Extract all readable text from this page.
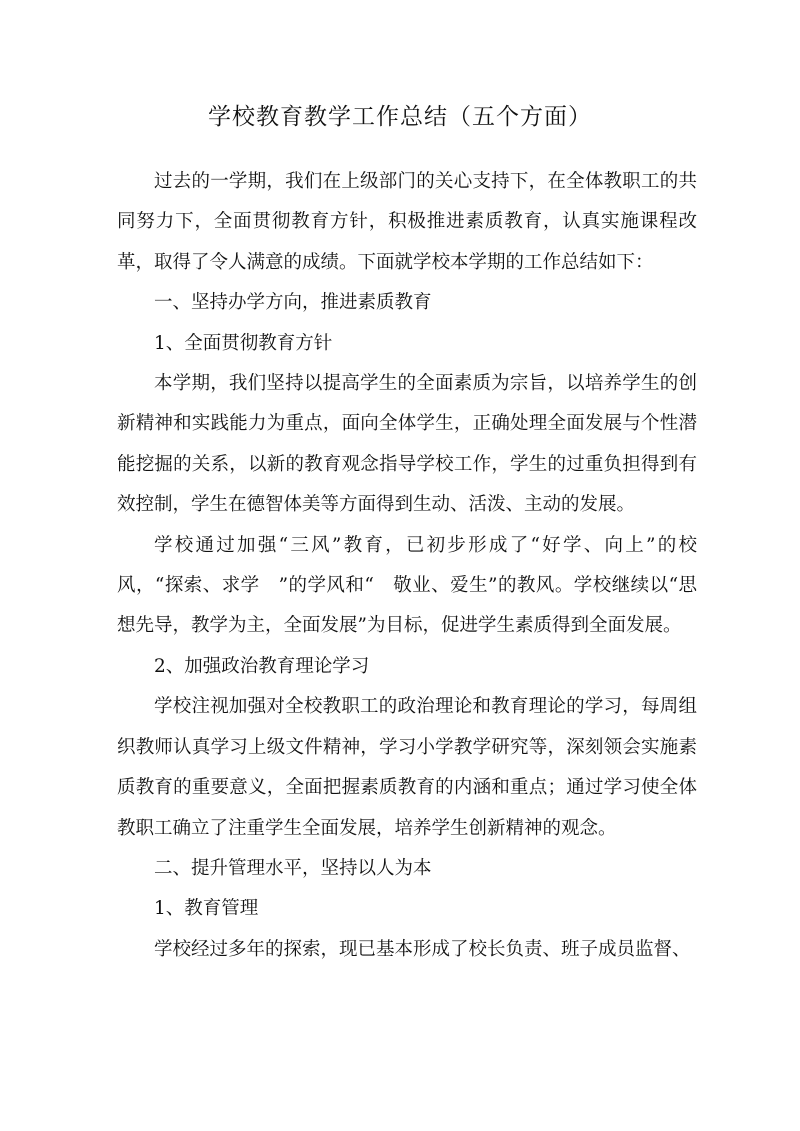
学校教育教学工作总结（五个方面）

过去的一学期，我们在上级部门的关心支持下，在全体教职工的共同努力下，全面贯彻教育方针，积极推进素质教育，认真实施课程改革，取得了令人满意的成绩。下面就学校本学期的工作总结如下：

一、坚持办学方向，推进素质教育

1、全面贯彻教育方针

本学期，我们坚持以提高学生的全面素质为宗旨，以培养学生的创新精神和实践能力为重点，面向全体学生，正确处理全面发展与个性潜能挖掘的关系，以新的教育观念指导学校工作，学生的过重负担得到有效控制，学生在德智体美等方面得到生动、活泼、主动的发展。

学校通过加强“三风”教育，已初步形成了“好学、向上”的校风，“探索、求学　”的学风和“　敬业、爱生”的教风。学校继续以“思想先导，教学为主，全面发展”为目标，促进学生素质得到全面发展。

2、加强政治教育理论学习

学校注视加强对全校教职工的政治理论和教育理论的学习，每周组织教师认真学习上级文件精神，学习小学教学研究等，深刻领会实施素质教育的重要意义，全面把握素质教育的内涵和重点；通过学习使全体教职工确立了注重学生全面发展，培养学生创新精神的观念。

二、提升管理水平，坚持以人为本

1、教育管理

学校经过多年的探索，现已基本形成了校长负责、班子成员监督、
